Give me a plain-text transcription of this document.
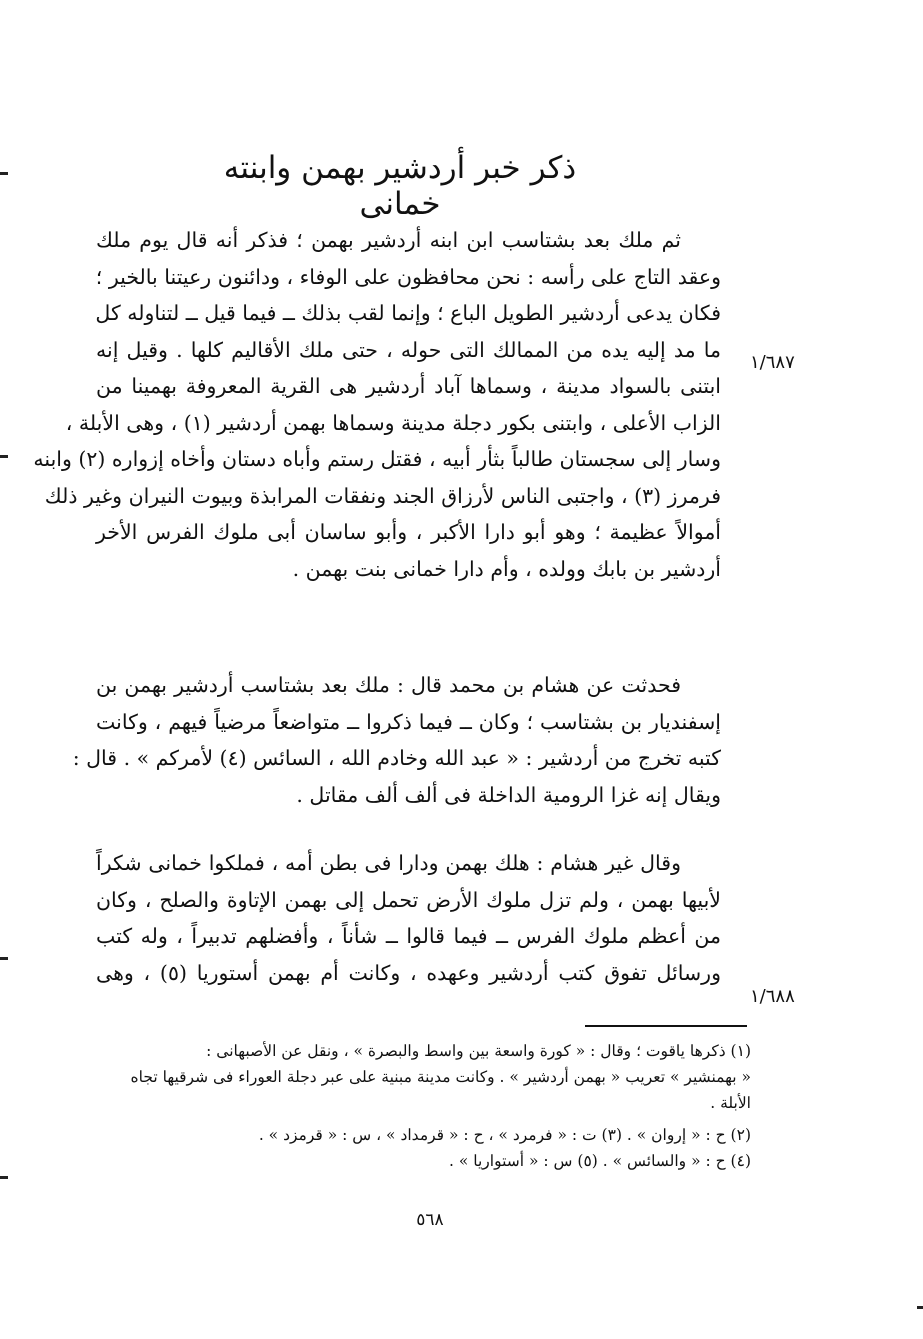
ذكر خبر أردشير بهمن وابنته خمانى
ثم ملك بعد بشتاسب ابن ابنه أردشير بهمن ؛ فذكر أنه قال يوم ملك
وعقد التاج على رأسه : نحن محافظون على الوفاء ، ودائنون رعيتنا بالخير ؛
فكان يدعى أردشير الطويل الباع ؛ وإنما لقب بذلك ــ فيما قيل ــ لتناوله كل
ما مد إليه يده من الممالك التى حوله ، حتى ملك الأقاليم كلها . وقيل إنه
ابتنى بالسواد مدينة ، وسماها آباد أردشير هى القرية المعروفة بهمينا من
الزاب الأعلى ، وابتنى بكور دجلة مدينة وسماها بهمن أردشير (١) ، وهى الأبلة ،
وسار إلى سجستان طالباً بثأر أبيه ، فقتل رستم وأباه دستان وأخاه إزواره (٢) وابنه
فرمرز (٣) ، واجتبى الناس لأرزاق الجند ونفقات المرابذة وبيوت النيران وغير ذلك
أموالاً عظيمة ؛ وهو أبو دارا الأكبر ، وأبو ساسان أبى ملوك الفرس الأخر
أردشير بن بابك وولده ، وأم دارا خمانى بنت بهمن .
فحدثت عن هشام بن محمد قال : ملك بعد بشتاسب أردشير بهمن بن
إسفنديار بن بشتاسب ؛ وكان ــ فيما ذكروا ــ متواضعاً مرضياً فيهم ، وكانت
كتبه تخرج من أردشير : « عبد الله وخادم الله ، السائس (٤) لأمركم » . قال :
ويقال إنه غزا الرومية الداخلة فى ألف ألف مقاتل .
وقال غير هشام : هلك بهمن ودارا فى بطن أمه ، فملكوا خمانى شكراً
لأبيها بهمن ، ولم تزل ملوك الأرض تحمل إلى بهمن الإتاوة والصلح ، وكان
من أعظم ملوك الفرس ــ فيما قالوا ــ شأناً ، وأفضلهم تدبيراً ، وله كتب
ورسائل تفوق كتب أردشير وعهده ، وكانت أم بهمن أستوريا (٥) ، وهى
١/٦٨٧
١/٦٨٨
(١) ذكرها ياقوت ؛ وقال : « كورة واسعة بين واسط والبصرة » ، ونقل عن الأصبهانى :
« بهمنشير » تعريب « بهمن أردشير » . وكانت مدينة مبنية على عبر دجلة العوراء فى شرقيها تجاه
الأبلة .
(٢) ح : « إروان » . (٣) ت : « فرمرد » ، ح : « قرمداد » ، س : « قرمزد » .
(٤) ح : « والسائس » . (٥) س : « أستواريا » .
٥٦٨
